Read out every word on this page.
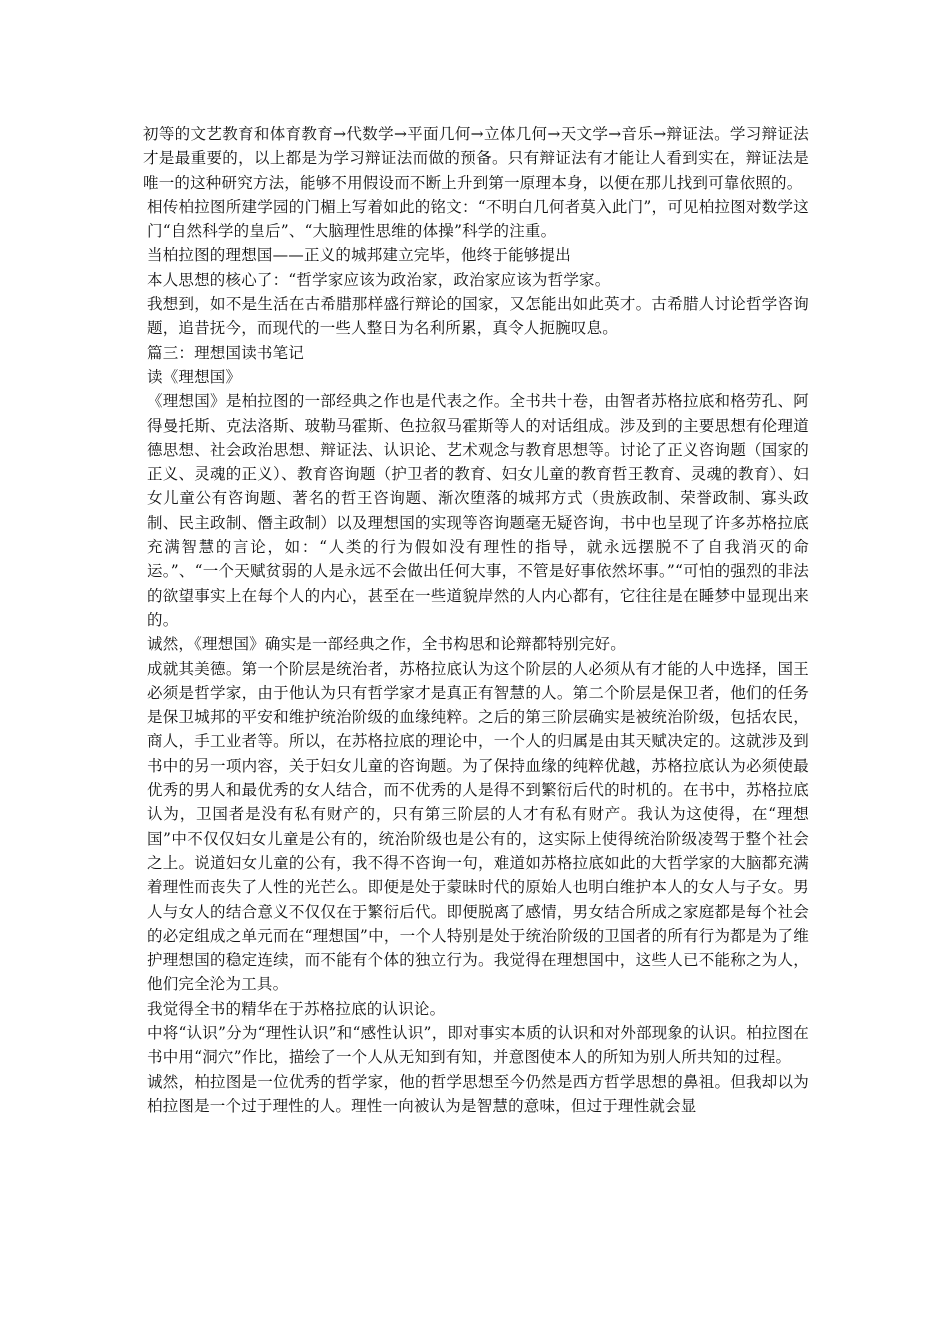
初等的文艺教育和体育教育→代数学→平面几何→立体几何→天文学→音乐→辩证法。学习辩证法才是最重要的，以上都是为学习辩证法而做的预备。只有辩证法有才能让人看到实在，辩证法是唯一的这种研究方法，能够不用假设而不断上升到第一原理本身，以便在那儿找到可靠依照的。

相传柏拉图所建学园的门楣上写着如此的铭文：“不明白几何者莫入此门”，可见柏拉图对数学这门“自然科学的皇后”、“大脑理性思维的体操”科学的注重。

当柏拉图的理想国——正义的城邦建立完毕，他终于能够提出

本人思想的核心了：“哲学家应该为政治家，政治家应该为哲学家。

我想到，如不是生活在古希腊那样盛行辩论的国家，又怎能出如此英才。古希腊人讨论哲学咨询题，追昔抚今，而现代的一些人整日为名利所累，真令人扼腕叹息。

篇三：理想国读书笔记

读《理想国》

《理想国》是柏拉图的一部经典之作也是代表之作。全书共十卷，由智者苏格拉底和格劳孔、阿得曼托斯、克法洛斯、玻勒马霍斯、色拉叙马霍斯等人的对话组成。涉及到的主要思想有伦理道德思想、社会政治思想、辩证法、认识论、艺术观念与教育思想等。讨论了正义咨询题（国家的正义、灵魂的正义）、教育咨询题（护卫者的教育、妇女儿童的教育哲王教育、灵魂的教育）、妇女儿童公有咨询题、著名的哲王咨询题、渐次堕落的城邦方式（贵族政制、荣誉政制、寡头政制、民主政制、僭主政制）以及理想国的实现等咨询题毫无疑咨询，书中也呈现了许多苏格拉底充满智慧的言论，如：“人类的行为假如没有理性的指导，就永远摆脱不了自我消灭的命运。”、“一个天赋贫弱的人是永远不会做出任何大事，不管是好事依然坏事。”“可怕的强烈的非法的欲望事实上在每个人的内心，甚至在一些道貌岸然的人内心都有，它往往是在睡梦中显现出来的。

诚然，《理想国》确实是一部经典之作，全书构思和论辩都特别完好。

成就其美德。第一个阶层是统治者，苏格拉底认为这个阶层的人必须从有才能的人中选择，国王必须是哲学家，由于他认为只有哲学家才是真正有智慧的人。第二个阶层是保卫者，他们的任务是保卫城邦的平安和维护统治阶级的血缘纯粹。之后的第三阶层确实是被统治阶级，包括农民，商人，手工业者等。所以，在苏格拉底的理论中，一个人的归属是由其天赋决定的。这就涉及到书中的另一项内容，关于妇女儿童的咨询题。为了保持血缘的纯粹优越，苏格拉底认为必须使最优秀的男人和最优秀的女人结合，而不优秀的人是得不到繁衍后代的时机的。在书中，苏格拉底认为，卫国者是没有私有财产的，只有第三阶层的人才有私有财产。我认为这使得，在“理想国”中不仅仅妇女儿童是公有的，统治阶级也是公有的，这实际上使得统治阶级凌驾于整个社会之上。说道妇女儿童的公有，我不得不咨询一句，难道如苏格拉底如此的大哲学家的大脑都充满着理性而丧失了人性的光芒么。即便是处于蒙昧时代的原始人也明白维护本人的女人与子女。男人与女人的结合意义不仅仅在于繁衍后代。即便脱离了感情，男女结合所成之家庭都是每个社会的必定组成之单元而在“理想国”中，一个人特别是处于统治阶级的卫国者的所有行为都是为了维护理想国的稳定连续，而不能有个体的独立行为。我觉得在理想国中，这些人已不能称之为人，他们完全沦为工具。

我觉得全书的精华在于苏格拉底的认识论。

中将“认识”分为“理性认识”和“感性认识”，即对事实本质的认识和对外部现象的认识。柏拉图在书中用“洞穴”作比，描绘了一个人从无知到有知，并意图使本人的所知为别人所共知的过程。

诚然，柏拉图是一位优秀的哲学家，他的哲学思想至今仍然是西方哲学思想的鼻祖。但我却以为柏拉图是一个过于理性的人。理性一向被认为是智慧的意味，但过于理性就会显
